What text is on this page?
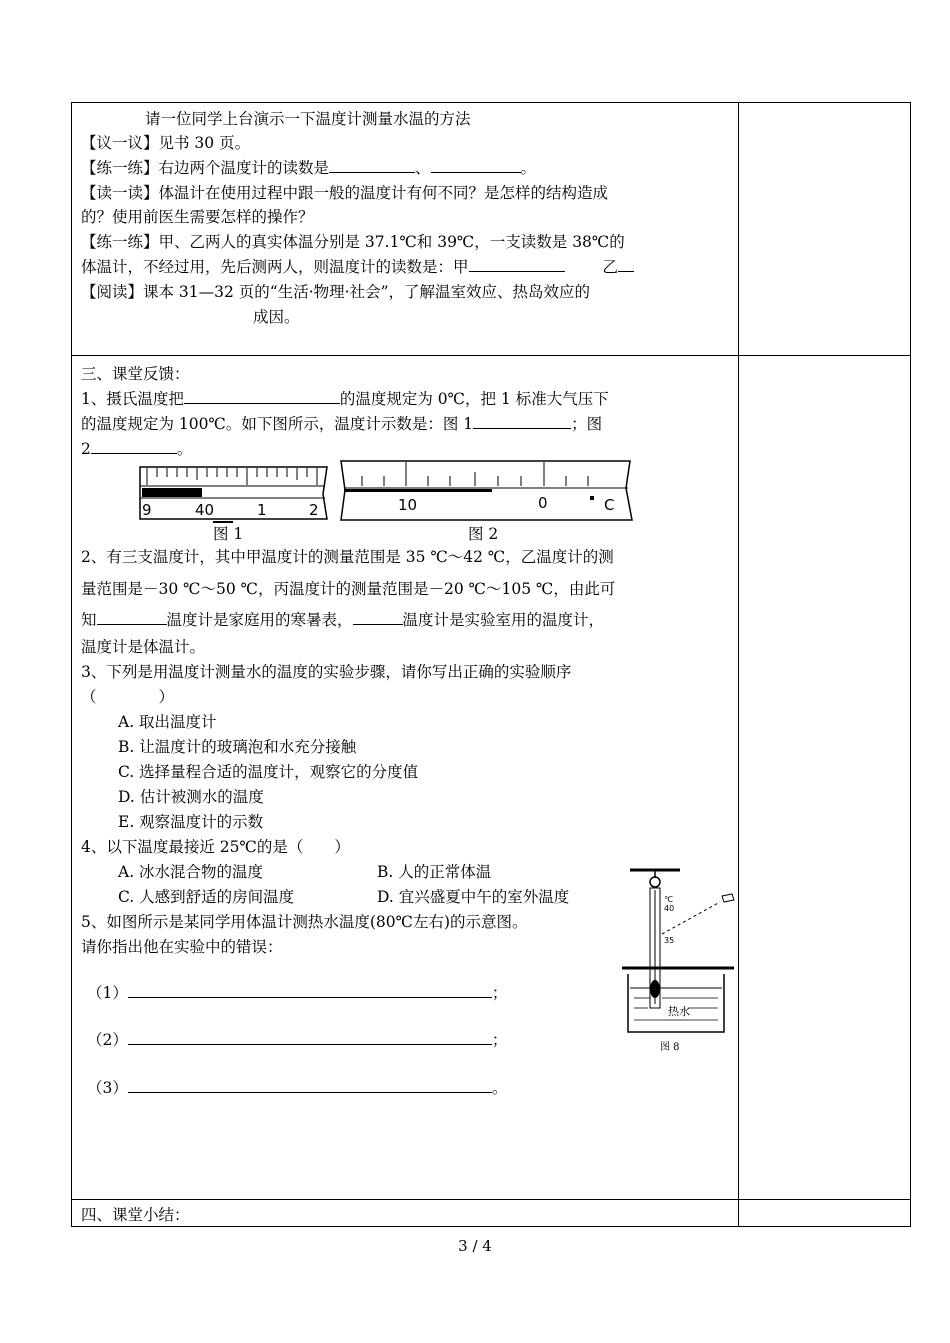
请一位同学上台演示一下温度计测量水温的方法
【议一议】见书 30 页。
【练一练】右边两个温度计的读数是	、	。
【读一读】体温计在使用过程中跟一般的温度计有何不同？是怎样的结构造成
的？使用前医生需要怎样的操作？
【练一练】甲、乙两人的真实体温分别是 37.1℃和 39℃，一支读数是 38℃的
体温计，不经过用，先后测两人，则温度计的读数是：甲	乙
【阅读】课本 31—32 页的“生活·物理·社会”，了解温室效应、热岛效应的
成因。
三、课堂反馈：
1、摄氏温度把	的温度规定为 0℃，把 1 标准大气压下
的温度规定为 100℃。如下图所示，温度计示数是：图 1	；图
2	。
9	40	1	2
图 1
10	0	C
图 2
2、有三支温度计，其中甲温度计的测量范围是 35 ℃～42 ℃，乙温度计的测
量范围是－30 ℃～50 ℃，丙温度计的测量范围是－20 ℃～105 ℃，由此可
知	温度计是家庭用的寒暑表，	温度计是实验室用的温度计，
温度计是体温计。
3、下列是用温度计测量水的温度的实验步骤，请你写出正确的实验顺序
（　　　　）
A. 取出温度计
B. 让温度计的玻璃泡和水充分接触
C. 选择量程合适的温度计，观察它的分度值
D. 估计被测水的温度
E. 观察温度计的示数
4、以下温度最接近 25℃的是（　　）
A. 冰水混合物的温度	B. 人的正常体温
C. 人感到舒适的房间温度	D. 宜兴盛夏中午的室外温度
5、如图所示是某同学用体温计测热水温度(80℃左右)的示意图。
请你指出他在实验中的错误：
℃
40
35
热水
图 8
（1）	；
（2）	；
（3）	。
四、课堂小结：
3 / 4
